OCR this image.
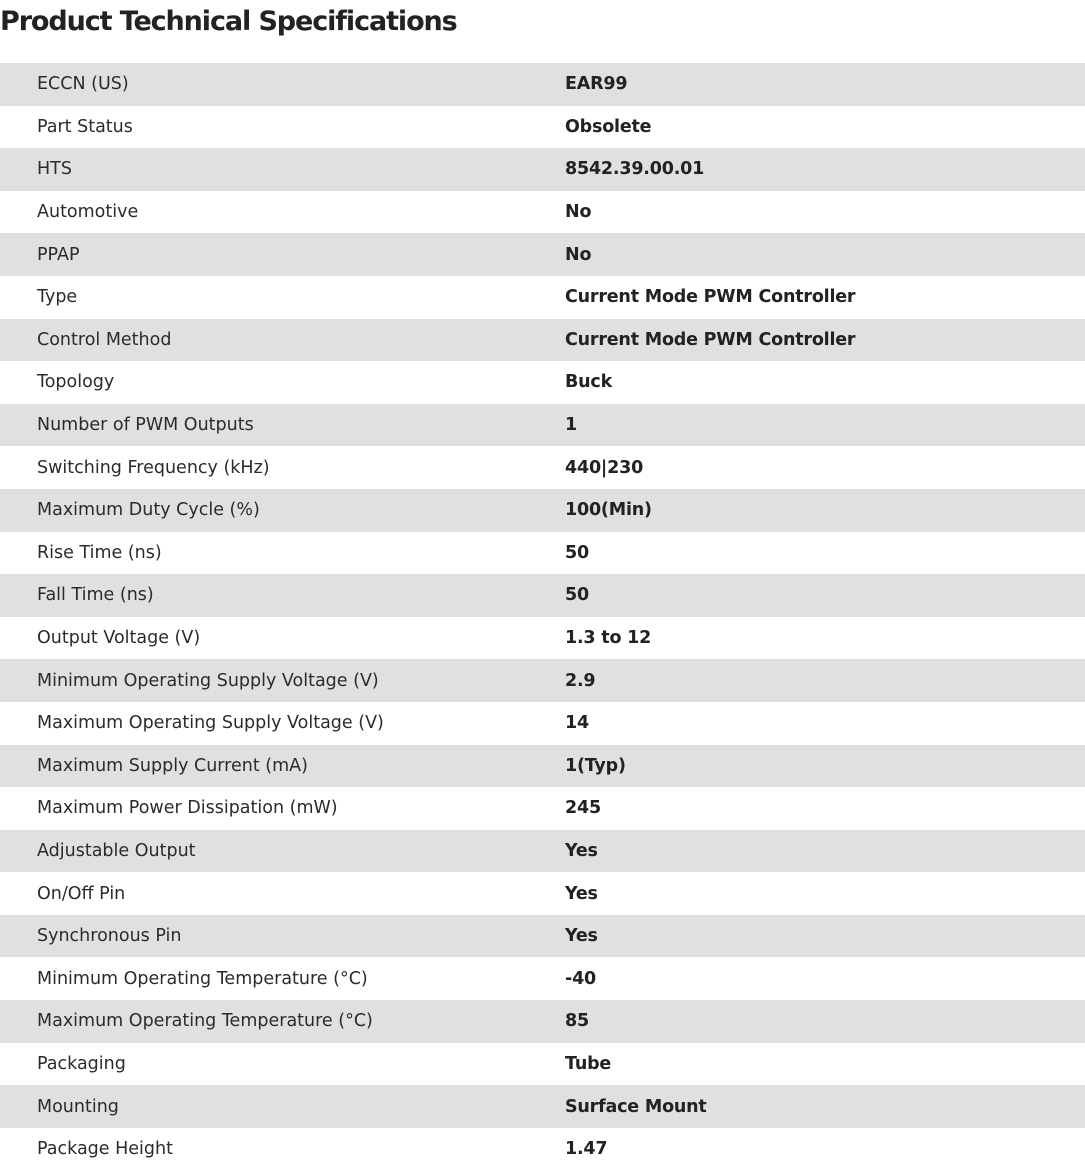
Product Technical Specifications
ECCN (US)	EAR99
Part Status	Obsolete
HTS	8542.39.00.01
Automotive	No
PPAP	No
Type	Current Mode PWM Controller
Control Method	Current Mode PWM Controller
Topology	Buck
Number of PWM Outputs	1
Switching Frequency (kHz)	440|230
Maximum Duty Cycle (%)	100(Min)
Rise Time (ns)	50
Fall Time (ns)	50
Output Voltage (V)	1.3 to 12
Minimum Operating Supply Voltage (V)	2.9
Maximum Operating Supply Voltage (V)	14
Maximum Supply Current (mA)	1(Typ)
Maximum Power Dissipation (mW)	245
Adjustable Output	Yes
On/Off Pin	Yes
Synchronous Pin	Yes
Minimum Operating Temperature (°C)	-40
Maximum Operating Temperature (°C)	85
Packaging	Tube
Mounting	Surface Mount
Package Height	1.47
